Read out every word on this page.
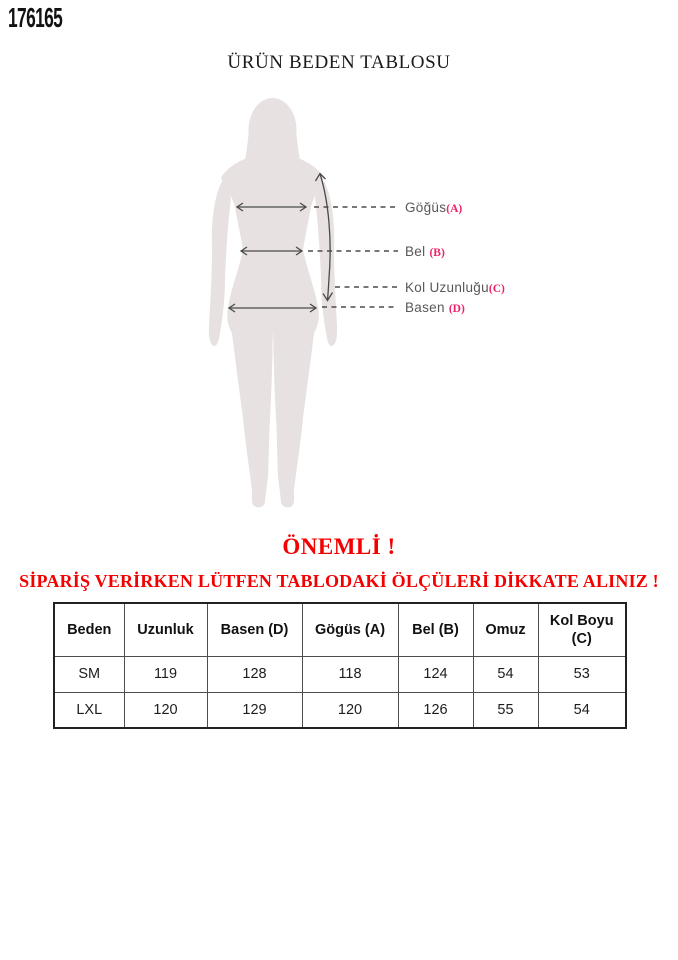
176165
ÜRÜN BEDEN TABLOSU
Göğüs(A)
Bel (B)
Kol Uzunluğu(C)
Basen (D)
ÖNEMLİ !
SİPARİŞ VERİRKEN LÜTFEN TABLODAKİ ÖLÇÜLERİ DİKKATE ALINIZ !
Beden	Uzunluk	Basen (D)	Gögüs (A)	Bel (B)	Omuz	Kol Boyu (C)
SM	119	128	118	124	54	53
LXL	120	129	120	126	55	54
